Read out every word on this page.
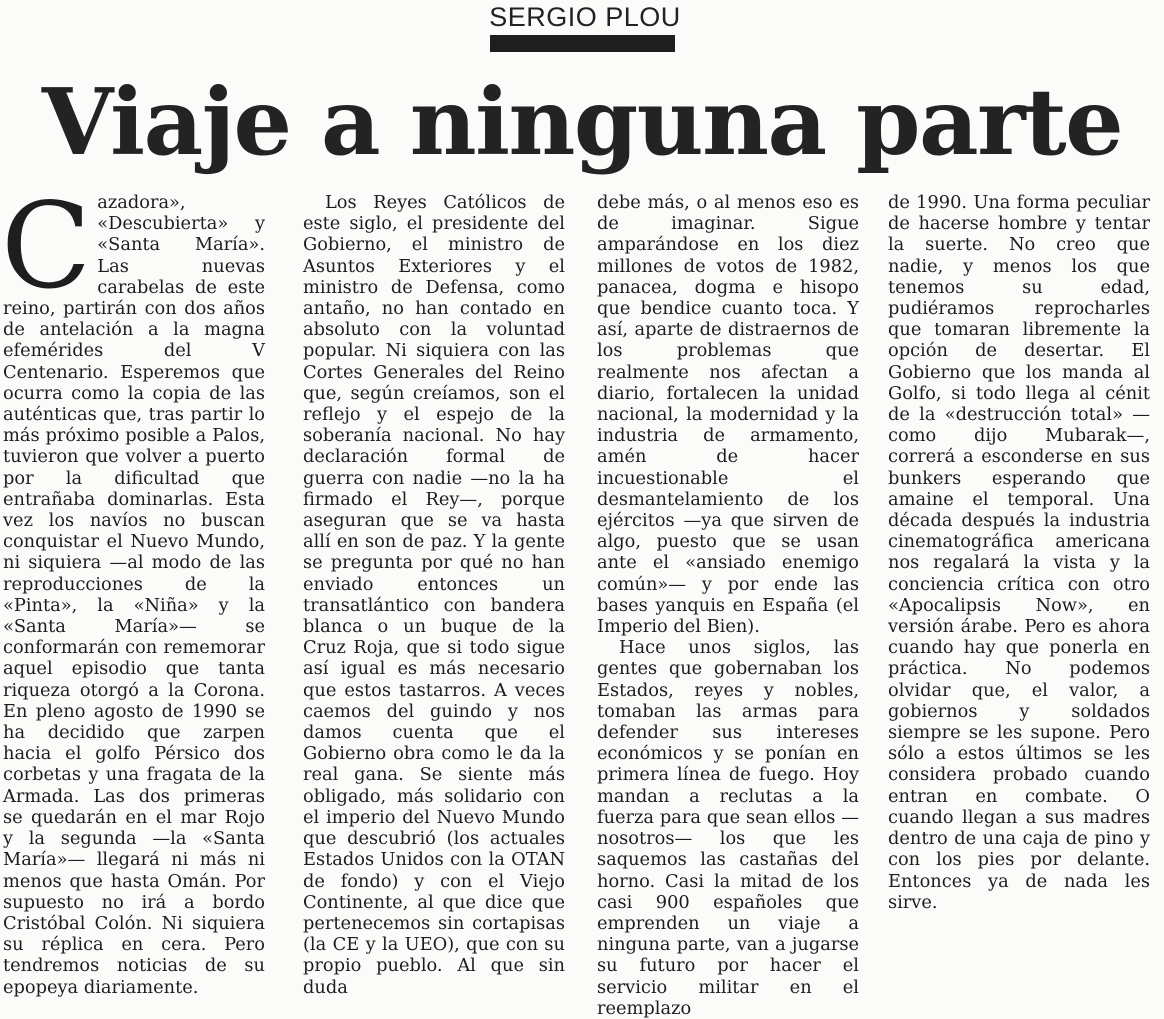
SERGIO PLOU
Viaje a ninguna parte

Cazadora», «Descubierta» y «Santa María». Las nuevas carabelas de este reino, partirán con dos años de antelación a la magna efemérides del V Centenario. Esperemos que ocurra como la copia de las auténticas que, tras partir lo más próximo posible a Palos, tuvieron que volver a puerto por la dificultad que entrañaba dominarlas. Esta vez los navíos no buscan conquistar el Nuevo Mundo, ni siquiera —al modo de las reproducciones de la «Pinta», la «Niña» y la «Santa María»— se conformarán con rememorar aquel episodio que tanta riqueza otorgó a la Corona. En pleno agosto de 1990 se ha decidido que zarpen hacia el golfo Pérsico dos corbetas y una fragata de la Armada. Las dos primeras se quedarán en el mar Rojo y la segunda —la «Santa María»— llegará ni más ni menos que hasta Omán. Por supuesto no irá a bordo Cristóbal Colón. Ni siquiera su réplica en cera. Pero tendremos noticias de su epopeya diariamente.

Los Reyes Católicos de este siglo, el presidente del Gobierno, el ministro de Asuntos Exteriores y el ministro de Defensa, como antaño, no han contado en absoluto con la voluntad popular. Ni siquiera con las Cortes Generales del Reino que, según creíamos, son el reflejo y el espejo de la soberanía nacional. No hay declaración formal de guerra con nadie —no la ha firmado el Rey—, porque aseguran que se va hasta allí en son de paz. Y la gente se pregunta por qué no han enviado entonces un transatlántico con bandera blanca o un buque de la Cruz Roja, que si todo sigue así igual es más necesario que estos tastarros. A veces caemos del guindo y nos damos cuenta que el Gobierno obra como le da la real gana. Se siente más obligado, más solidario con el imperio del Nuevo Mundo que descubrió (los actuales Estados Unidos con la OTAN de fondo) y con el Viejo Continente, al que dice que pertenecemos sin cortapisas (la CE y la UEO), que con su propio pueblo. Al que sin duda

debe más, o al menos eso es de imaginar. Sigue amparándose en los diez millones de votos de 1982, panacea, dogma e hisopo que bendice cuanto toca. Y así, aparte de distraernos de los problemas que realmente nos afectan a diario, fortalecen la unidad nacional, la modernidad y la industria de armamento, amén de hacer incuestionable el desmantelamiento de los ejércitos —ya que sirven de algo, puesto que se usan ante el «ansiado enemigo común»— y por ende las bases yanquis en España (el Imperio del Bien).

Hace unos siglos, las gentes que gobernaban los Estados, reyes y nobles, tomaban las armas para defender sus intereses económicos y se ponían en primera línea de fuego. Hoy mandan a reclutas a la fuerza para que sean ellos —nosotros— los que les saquemos las castañas del horno. Casi la mitad de los casi 900 españoles que emprenden un viaje a ninguna parte, van a jugarse su futuro por hacer el servicio militar en el reemplazo

de 1990. Una forma peculiar de hacerse hombre y tentar la suerte. No creo que nadie, y menos los que tenemos su edad, pudiéramos reprocharles que tomaran libremente la opción de desertar. El Gobierno que los manda al Golfo, si todo llega al cénit de la «destrucción total» —como dijo Mubarak—, correrá a esconderse en sus bunkers esperando que amaine el temporal. Una década después la industria cinematográfica americana nos regalará la vista y la conciencia crítica con otro «Apocalipsis Now», en versión árabe. Pero es ahora cuando hay que ponerla en práctica. No podemos olvidar que, el valor, a gobiernos y soldados siempre se les supone. Pero sólo a estos últimos se les considera probado cuando entran en combate. O cuando llegan a sus madres dentro de una caja de pino y con los pies por delante. Entonces ya de nada les sirve.
